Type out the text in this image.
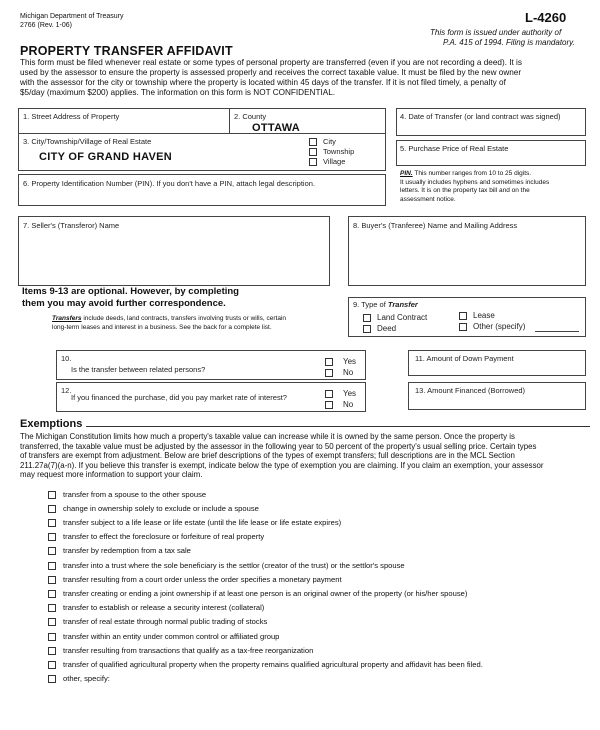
Michigan Department of Treasury
2766 (Rev. 1-06)
L-4260
This form is issued under authority of
P.A. 415 of 1994. Filing is mandatory.
PROPERTY TRANSFER AFFIDAVIT
This form must be filed whenever real estate or some types of personal property are transferred (even if you are not recording a deed). It is
used by the assessor to ensure the property is assessed properly and receives the correct taxable value. It must be filed by the new owner
with the assessor for the city or township where the property is located within 45 days of the transfer. If it is not filed timely, a penalty of
$5/day (maximum $200) applies. The information on this form is NOT CONFIDENTIAL.
1. Street Address of Property	2. County
OTTAWA
3. City/Township/Village of Real Estate
CITY OF GRAND HAVEN
City
Township
Village
4. Date of Transfer (or land contract was signed)
5. Purchase Price of Real Estate
PIN. This number ranges from 10 to 25 digits.
It usually includes hyphens and sometimes includes
letters. It is on the property tax bill and on the
assessment notice.
6. Property Identification Number (PIN). If you don't have a PIN, attach legal description.
7. Seller's (Transferor) Name	8. Buyer's (Tranferee) Name and Mailing Address
Items 9-13 are optional. However, by completing
them you may avoid further correspondence.
Transfers include deeds, land contracts, transfers involving trusts or wills, certain
long-term leases and interest in a business. See the back for a complete list.
9. Type of Transfer
Land Contract	Lease
Deed	Other (specify)
10.
Is the transfer between related persons?
Yes
No
11. Amount of Down Payment
12.
If you financed the purchase, did you pay market rate of interest?	Yes
No
13. Amount Financed (Borrowed)
Exemptions
The Michigan Constitution limits how much a property's taxable value can increase while it is owned by the same person. Once the property is
transferred, the taxable value must be adjusted by the assessor in the following year to 50 percent of the property's usual selling price. Certain types
of transfers are exempt from adjustment. Below are brief descriptions of the types of exempt transfers; full descriptions are in the MCL Section
211.27a(7)(a-n). If you believe this transfer is exempt, indicate below the type of exemption you are claiming. If you claim an exemption, your assessor
may request more information to support your claim.
transfer from a spouse to the other spouse
change in ownership solely to exclude or include a spouse
transfer subject to a life lease or life estate (until the life lease or life estate expires)
transfer to effect the foreclosure or forfeiture of real property
transfer by redemption from a tax sale
transfer into a trust where the sole beneficiary is the settlor (creator of the trust) or the settlor's spouse
transfer resulting from a court order unless the order specifies a monetary payment
transfer creating or ending a joint ownership if at least one person is an original owner of the property (or his/her spouse)
transfer to establish or release a security interest (collateral)
transfer of real estate through normal public trading of stocks
transfer within an entity under common control or affiliated group
transfer resulting from transactions that qualify as a tax-free reorganization
transfer of qualified agricultural property when the property remains qualified agricultural property and affidavit has been filed.
other, specify:
